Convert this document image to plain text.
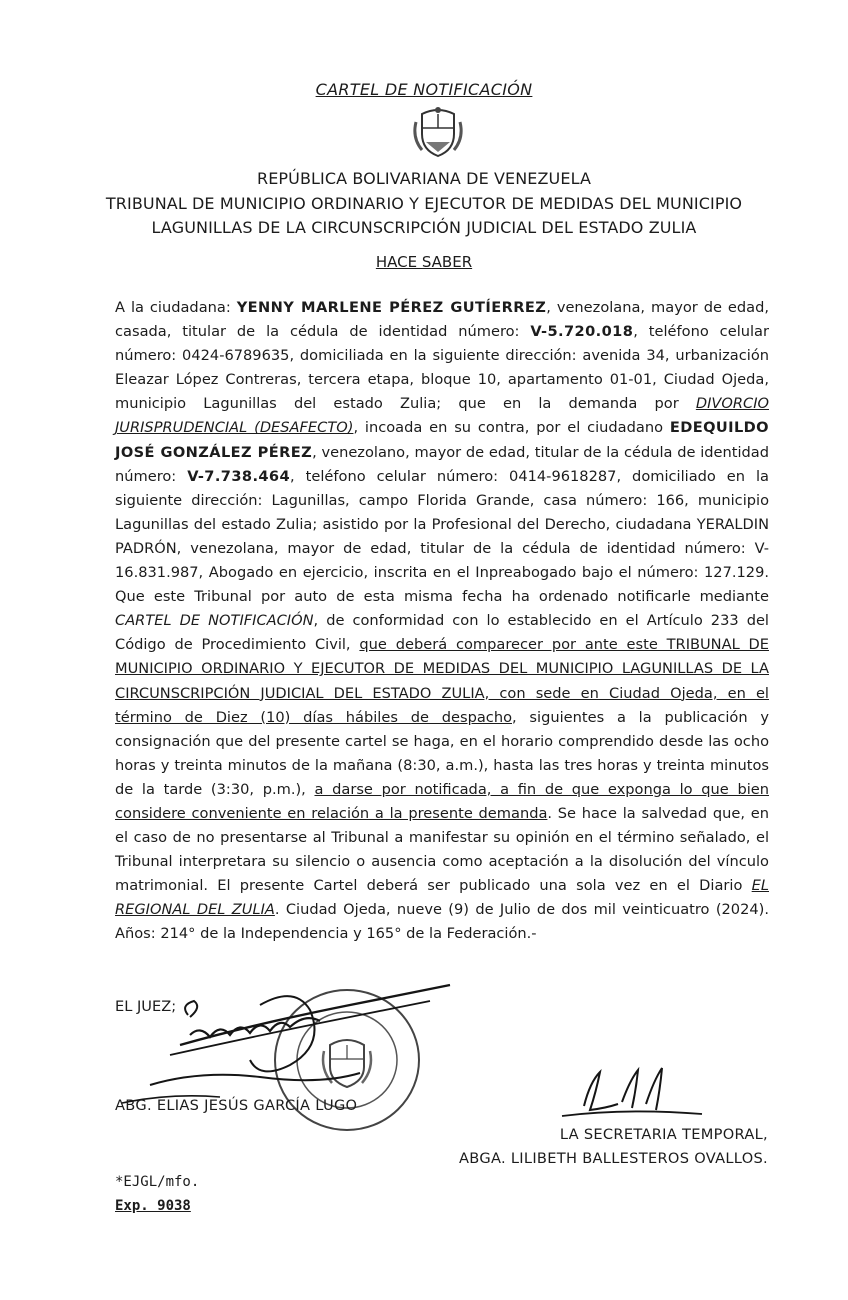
CARTEL DE NOTIFICACIÓN
REPÚBLICA BOLIVARIANA DE VENEZUELA
TRIBUNAL DE MUNICIPIO ORDINARIO Y EJECUTOR DE MEDIDAS DEL MUNICIPIO
LAGUNILLAS DE LA CIRCUNSCRIPCIÓN JUDICIAL DEL ESTADO ZULIA
HACE SABER
A la ciudadana: YENNY MARLENE PÉREZ GUTÍERREZ, venezolana, mayor de edad, casada, titular de la cédula de identidad número: V-5.720.018, teléfono celular número: 0424-6789635, domiciliada en la siguiente dirección: avenida 34, urbanización Eleazar López Contreras, tercera etapa, bloque 10, apartamento 01-01, Ciudad Ojeda, municipio Lagunillas del estado Zulia; que en la demanda por DIVORCIO JURISPRUDENCIAL (DESAFECTO), incoada en su contra, por el ciudadano EDEQUILDO JOSÉ GONZÁLEZ PÉREZ, venezolano, mayor de edad, titular de la cédula de identidad número: V-7.738.464, teléfono celular número: 0414-9618287, domiciliado en la siguiente dirección: Lagunillas, campo Florida Grande, casa número: 166, municipio Lagunillas del estado Zulia; asistido por la Profesional del Derecho, ciudadana YERALDIN PADRÓN, venezolana, mayor de edad, titular de la cédula de identidad número: V-16.831.987, Abogado en ejercicio, inscrita en el Inpreabogado bajo el número: 127.129. Que este Tribunal por auto de esta misma fecha ha ordenado notificarle mediante CARTEL DE NOTIFICACIÓN, de conformidad con lo establecido en el Artículo 233 del Código de Procedimiento Civil, que deberá comparecer por ante este TRIBUNAL DE MUNICIPIO ORDINARIO Y EJECUTOR DE MEDIDAS DEL MUNICIPIO LAGUNILLAS DE LA CIRCUNSCRIPCIÓN JUDICIAL DEL ESTADO ZULIA, con sede en Ciudad Ojeda, en el término de Diez (10) días hábiles de despacho, siguientes a la publicación y consignación que del presente cartel se haga, en el horario comprendido desde las ocho horas y treinta minutos de la mañana (8:30, a.m.), hasta las tres horas y treinta minutos de la tarde (3:30, p.m.), a darse por notificada, a fin de que exponga lo que bien considere conveniente en relación a la presente demanda. Se hace la salvedad que, en el caso de no presentarse al Tribunal a manifestar su opinión en el término señalado, el Tribunal interpretara su silencio o ausencia como aceptación a la disolución del vínculo matrimonial. El presente Cartel deberá ser publicado una sola vez en el Diario EL REGIONAL DEL ZULIA. Ciudad Ojeda, nueve (9) de Julio de dos mil veinticuatro (2024). Años: 214° de la Independencia y 165° de la Federación.-
EL JUEZ;
ABG. ELIAS JESÚS GARCÍA LUGO
LA SECRETARIA TEMPORAL,
ABGA. LILIBETH BALLESTEROS OVALLOS.
*EJGL/mfo.
Exp. 9038
